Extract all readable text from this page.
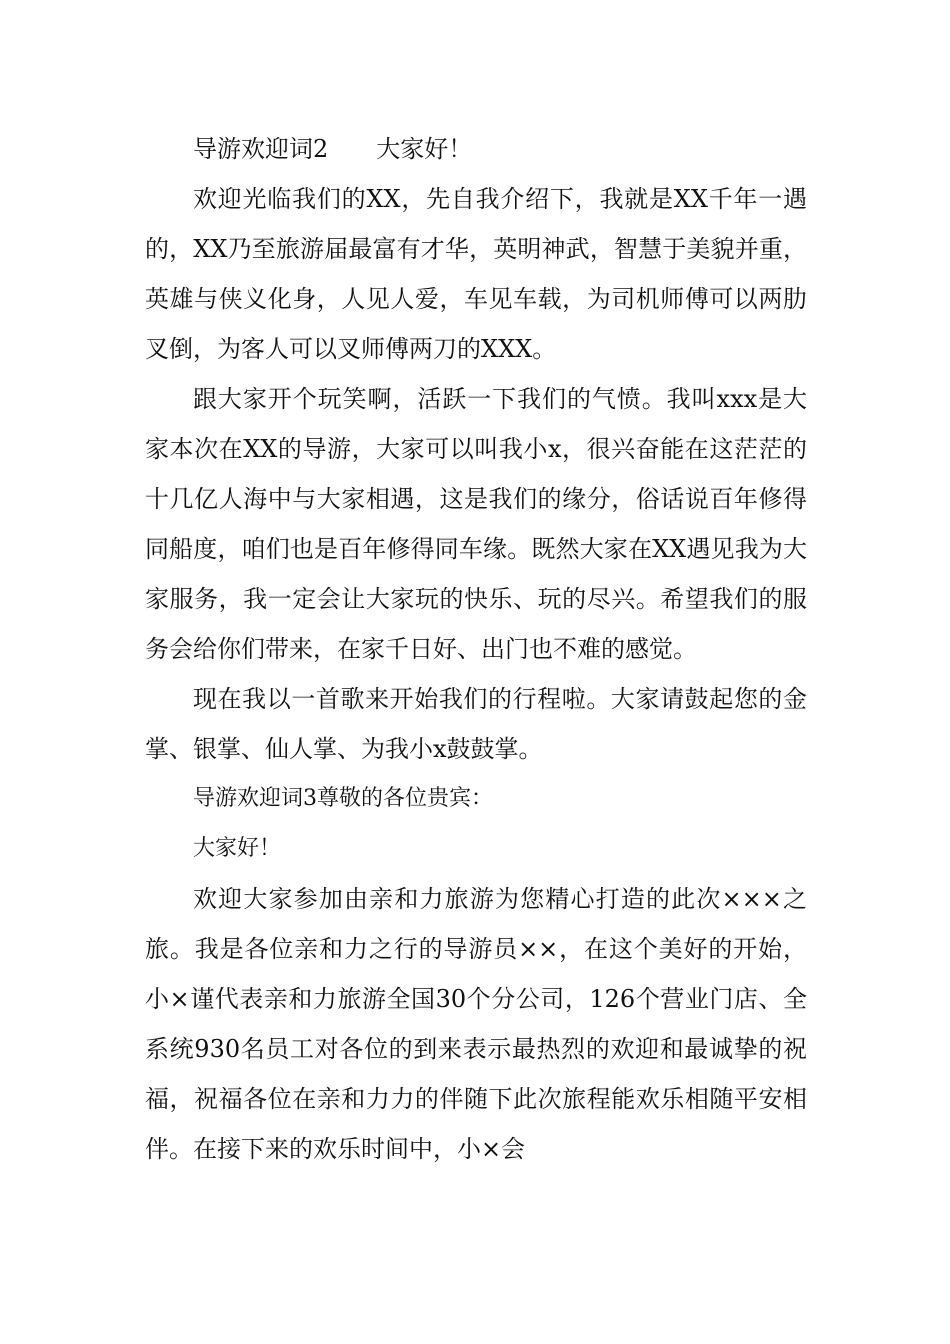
导游欢迎词2 大家好！

欢迎光临我们的XX，先自我介绍下，我就是XX千年一遇的，XX乃至旅游届最富有才华，英明神武，智慧于美貌并重，英雄与侠义化身，人见人爱，车见车载，为司机师傅可以两肋叉倒，为客人可以叉师傅两刀的XXX。

跟大家开个玩笑啊，活跃一下我们的气愤。我叫xxx是大家本次在XX的导游，大家可以叫我小x，很兴奋能在这茫茫的十几亿人海中与大家相遇，这是我们的缘分，俗话说百年修得同船度，咱们也是百年修得同车缘。既然大家在XX遇见我为大家服务，我一定会让大家玩的快乐、玩的尽兴。希望我们的服务会给你们带来，在家千日好、出门也不难的感觉。

现在我以一首歌来开始我们的行程啦。大家请鼓起您的金掌、银掌、仙人掌、为我小x鼓鼓掌。

导游欢迎词3尊敬的各位贵宾：

大家好！

欢迎大家参加由亲和力旅游为您精心打造的此次×××之旅。我是各位亲和力之行的导游员××，在这个美好的开始，小×谨代表亲和力旅游全国30个分公司，126个营业门店、全系统930名员工对各位的到来表示最热烈的欢迎和最诚挚的祝福，祝福各位在亲和力力的伴随下此次旅程能欢乐相随平安相伴。在接下来的欢乐时间中，小×会
